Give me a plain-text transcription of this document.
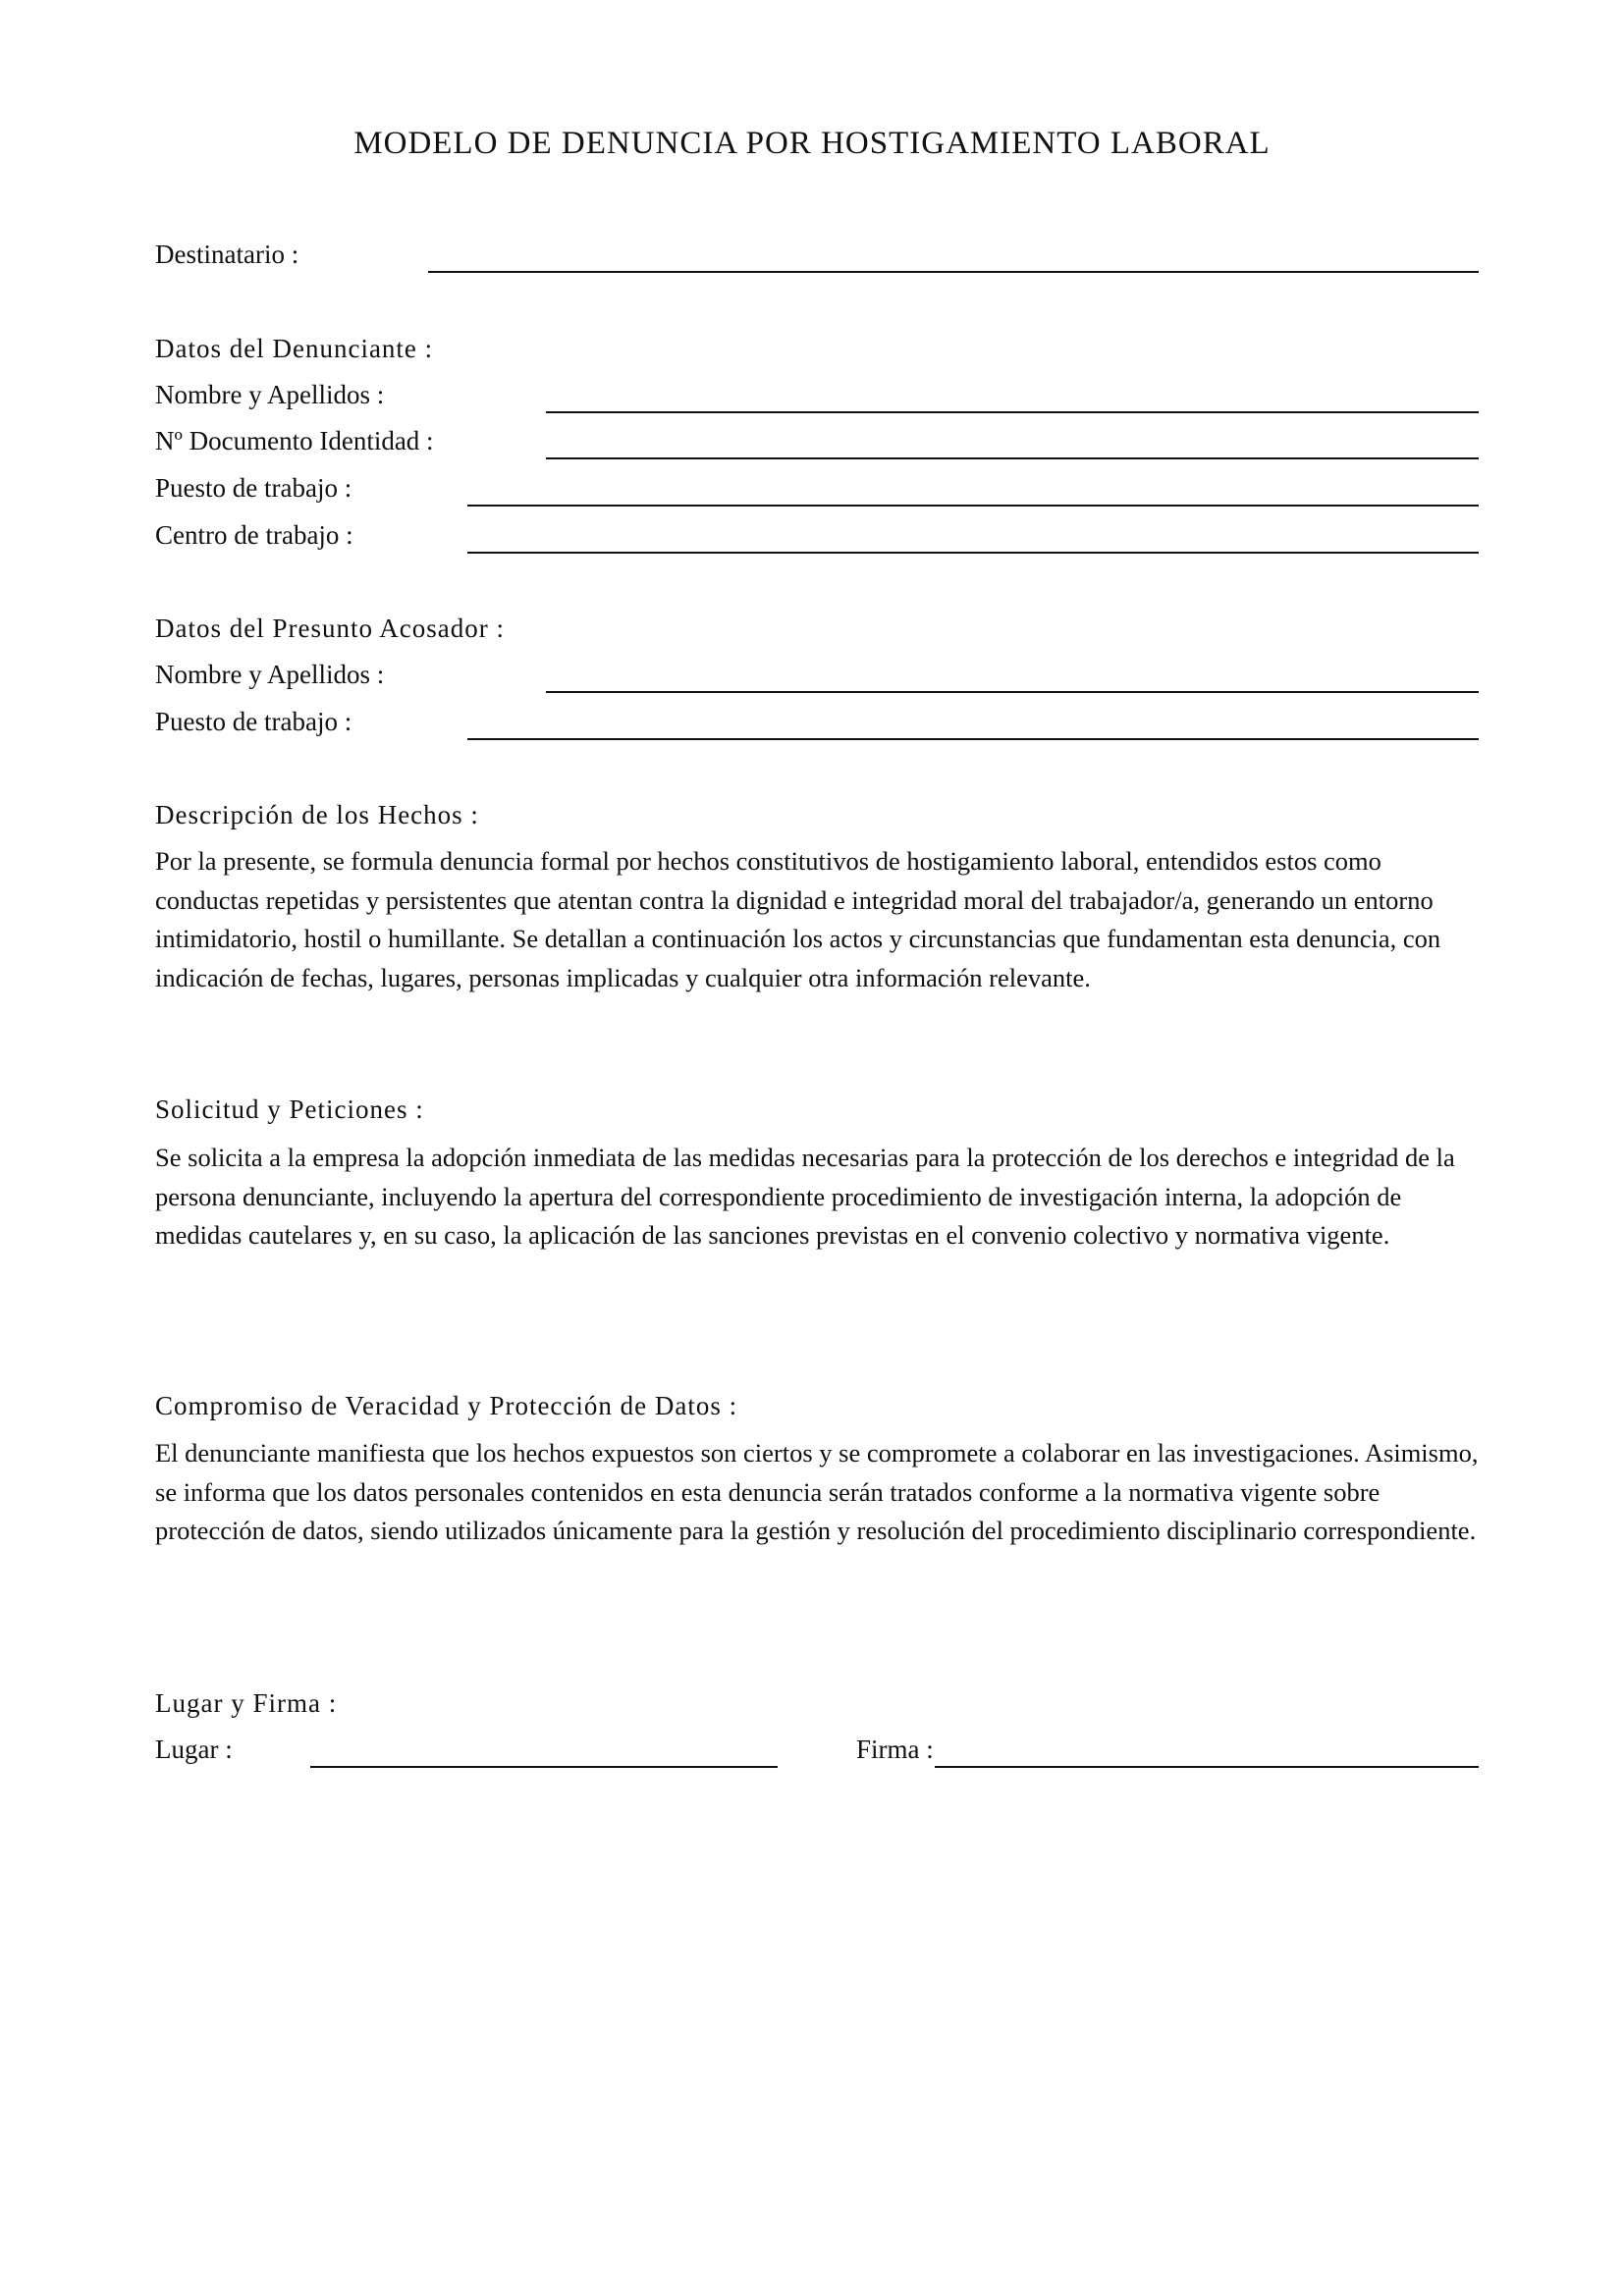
MODELO DE DENUNCIA POR HOSTIGAMIENTO LABORAL
Destinatario :
Datos del Denunciante :
Nombre y Apellidos :
Nº Documento Identidad :
Puesto de trabajo :
Centro de trabajo :
Datos del Presunto Acosador :
Nombre y Apellidos :
Puesto de trabajo :
Descripción de los Hechos :
Por la presente, se formula denuncia formal por hechos constitutivos de hostigamiento laboral, entendidos estos como conductas repetidas y persistentes que atentan contra la dignidad e integridad moral del trabajador/a, generando un entorno intimidatorio, hostil o humillante. Se detallan a continuación los actos y circunstancias que fundamentan esta denuncia, con indicación de fechas, lugares, personas implicadas y cualquier otra información relevante.
Solicitud y Peticiones :
Se solicita a la empresa la adopción inmediata de las medidas necesarias para la protección de los derechos e integridad de la persona denunciante, incluyendo la apertura del correspondiente procedimiento de investigación interna, la adopción de medidas cautelares y, en su caso, la aplicación de las sanciones previstas en el convenio colectivo y normativa vigente.
Compromiso de Veracidad y Protección de Datos :
El denunciante manifiesta que los hechos expuestos son ciertos y se compromete a colaborar en las investigaciones. Asimismo, se informa que los datos personales contenidos en esta denuncia serán tratados conforme a la normativa vigente sobre protección de datos, siendo utilizados únicamente para la gestión y resolución del procedimiento disciplinario correspondiente.
Lugar y Firma :
Lugar :	Firma :
